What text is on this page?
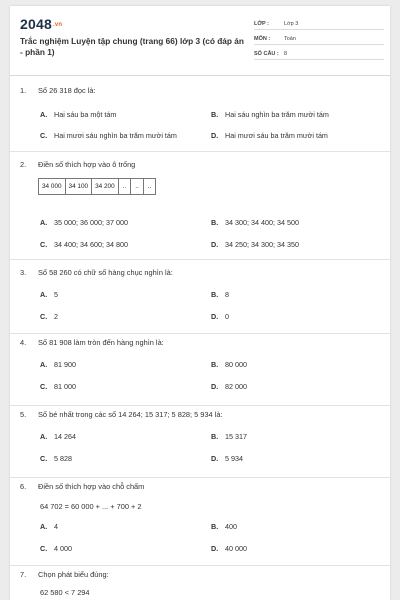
2048.vn
Trắc nghiệm Luyện tập chung (trang 66) lớp 3 (có đáp án - phần 1)
LỚP :	Lớp 3
MÔN :	Toán
SỐ CÂU : 8
1. Số 26 318 đọc là:
A. Hai sáu ba một tám	B. Hai sáu nghìn ba trăm mười tám
C. Hai mươi sáu nghìn ba trăm mười tám	D. Hai mươi sáu ba trăm mười tám
2. Điền số thích hợp vào ô trống
34 000	34 100	34 200	..	..	..
A. 35 000; 36 000; 37 000	B. 34 300; 34 400; 34 500
C. 34 400; 34 600; 34 800	D. 34 250; 34 300; 34 350
3. Số 58 260 có chữ số hàng chục nghìn là:
A. 5	B. 8
C. 2	D. 0
4. Số 81 908 làm tròn đến hàng nghìn là:
A. 81 900	B. 80 000
C. 81 000	D. 82 000
5. Số bé nhất trong các số 14 264; 15 317; 5 828; 5 934 là:
A. 14 264	B. 15 317
C. 5 828	D. 5 934
6. Điền số thích hợp vào chỗ chấm
64 702 = 60 000 + ... + 700 + 2
A. 4	B. 400
C. 4 000	D. 40 000
7. Chọn phát biểu đúng:
62 580 < 7 294
